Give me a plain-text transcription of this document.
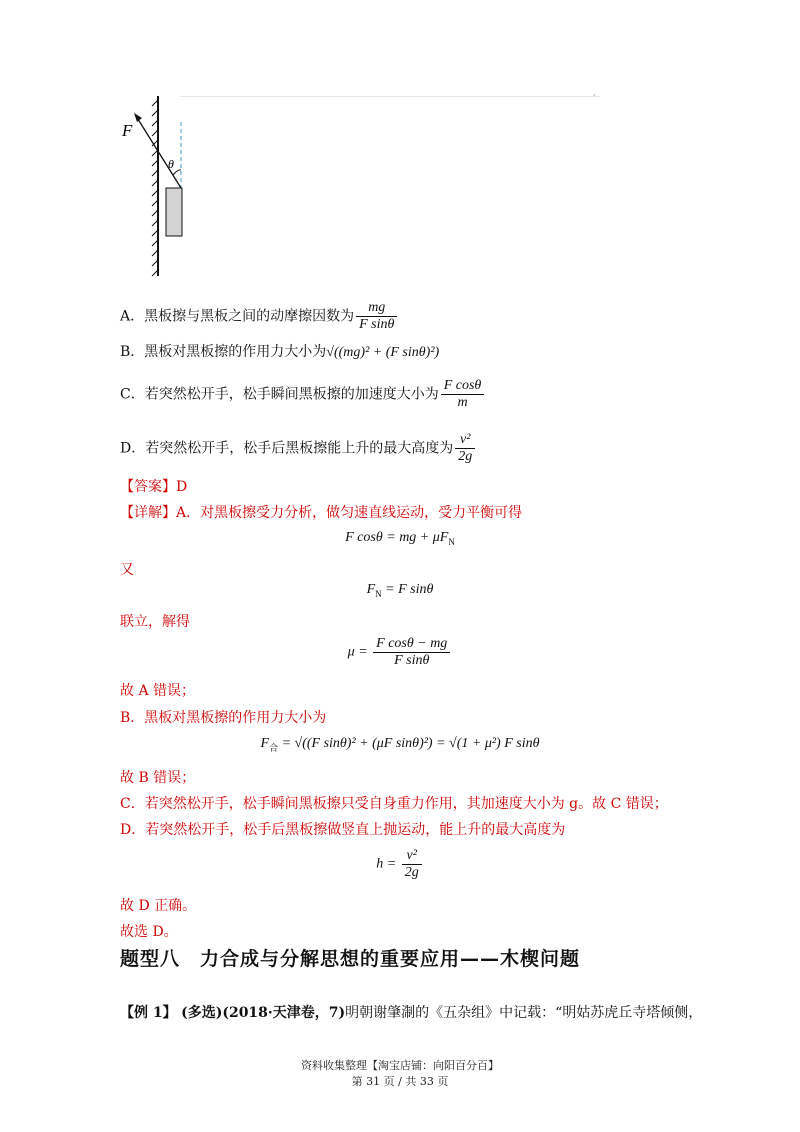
·
F
θ
A．黑板擦与黑板之间的动摩擦因数为 $\frac{mg}{\text{F sinθ}}$
B．黑板对黑板擦的作用力大小为√((mg)² + (F sinθ)²)
C．若突然松开手，松手瞬间黑板擦的加速度大小为 $\frac{\text{F cosθ}}{m}$
D．若突然松开手，松手后黑板擦能上升的最大高度为 $\frac{\text{v²}}{2g}$
【答案】D
【详解】A．对黑板擦受力分析，做匀速直线运动，受力平衡可得
F cosθ = mg + $\mu F_N$
又
$F_N = F$ sinθ
联立，解得
$\mu = \frac{\text{F cosθ − mg}}{\text{F sinθ}}$
故 A 错误；
B．黑板对黑板擦的作用力大小为
$F_合 = √((F$ sinθ)² + (μF sinθ)²) = √(1 + μ²) F sinθ
故 B 错误；
C．若突然松开手，松手瞬间黑板擦只受自身重力作用，其加速度大小为 g。故 C 错误；
D．若突然松开手，松手后黑板擦做竖直上抛运动，能上升的最大高度为
$h = \frac{\text{v²}}{2g}$
故 D 正确。
故选 D。
题型八　力合成与分解思想的重要应用——木楔问题
【例 1】 (多选)(2018·天津卷，7)明朝谢肇淛的《五杂组》中记载：“明姑苏虎丘寺塔倾侧，
资料收集整理【淘宝店铺：向阳百分百】
第 31 页 / 共 33 页
